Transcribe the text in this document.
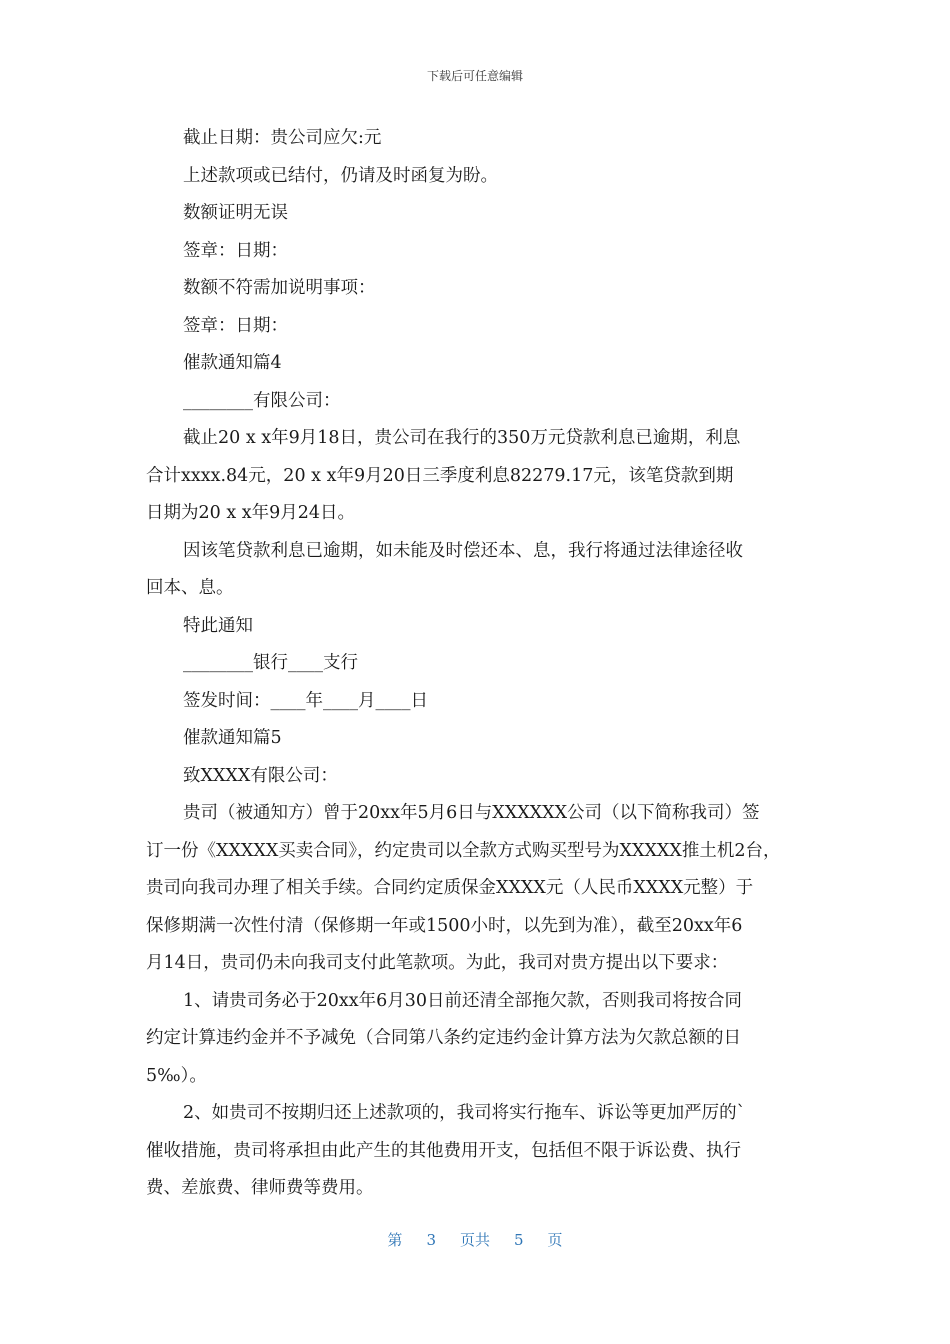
下载后可任意编辑
截止日期：贵公司应欠:元
上述款项或已结付，仍请及时函复为盼。
数额证明无误
签章：日期：
数额不符需加说明事项：
签章：日期：
催款通知篇4
________有限公司：
截止20 x x年9月18日，贵公司在我行的350万元贷款利息已逾期，利息
合计xxxx.84元，20 x x年9月20日三季度利息82279.17元，该笔贷款到期
日期为20 x x年9月24日。
因该笔贷款利息已逾期，如未能及时偿还本、息，我行将通过法律途径收
回本、息。
特此通知
________银行____支行
签发时间：____年____月____日
催款通知篇5
致XXXX有限公司：
贵司（被通知方）曾于20xx年5月6日与XXXXXX公司（以下简称我司）签
订一份《XXXXX买卖合同》，约定贵司以全款方式购买型号为XXXXX推土机2台，
贵司向我司办理了相关手续。合同约定质保金XXXX元（人民币XXXX元整）于
保修期满一次性付清（保修期一年或1500小时，以先到为准），截至20xx年6
月14日，贵司仍未向我司支付此笔款项。为此，我司对贵方提出以下要求：
1、请贵司务必于20xx年6月30日前还清全部拖欠款，否则我司将按合同
约定计算违约金并不予减免（合同第八条约定违约金计算方法为欠款总额的日
5‰）。
2、如贵司不按期归还上述款项的，我司将实行拖车、诉讼等更加严厉的`
催收措施，贵司将承担由此产生的其他费用开支，包括但不限于诉讼费、执行
费、差旅费、律师费等费用。
第 3 页共 5 页
